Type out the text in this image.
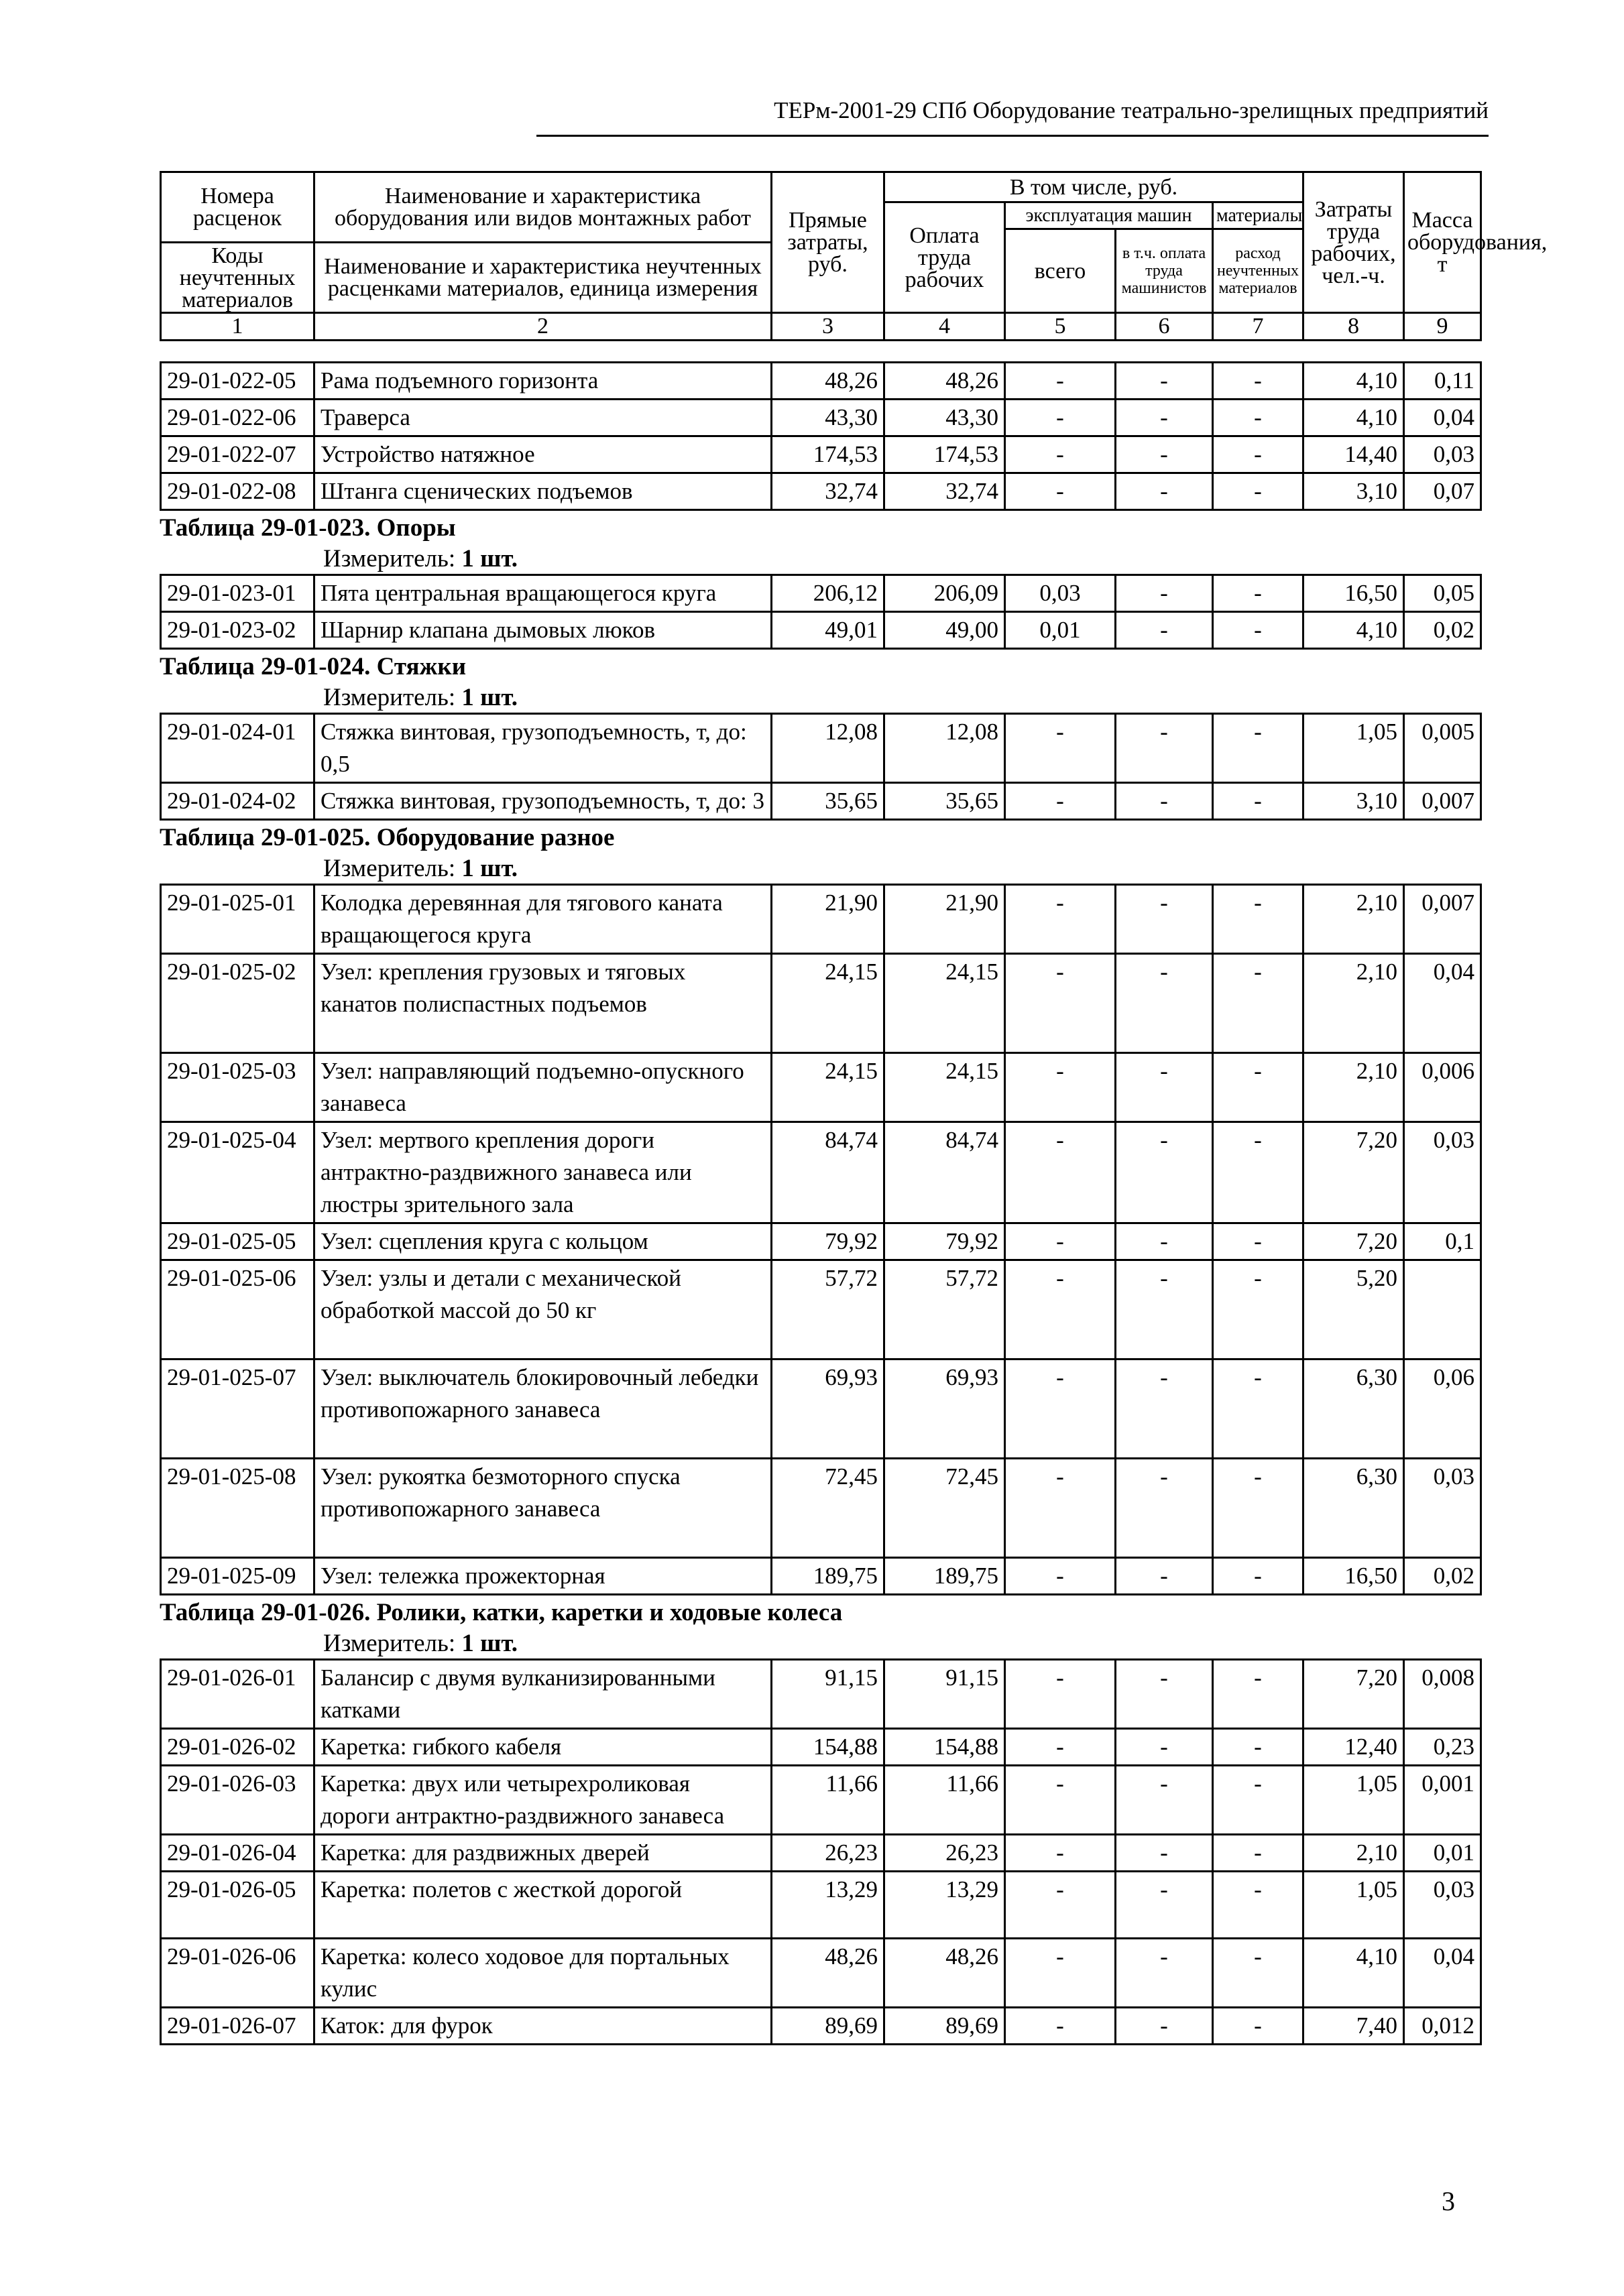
ТЕРм-2001-29 СПб Оборудование театрально-зрелищных предприятий
Номера расценок	Наименование и характеристика оборудования или видов монтажных работ	Прямые затраты, руб.	В том числе, руб.				Затраты труда рабочих, чел.-ч.	Масса оборудования, т
			Оплата труда рабочих	эксплуатация машин		материалы		
				всего	в т.ч. оплата труда машинистов	расход неучтенных материалов		
Коды неучтенных материалов	Наименование и характеристика неучтенных расценками материалов, единица измерения							

1	2	3	4	5	6	7	8	9
29-01-022-05	Рама подъемного горизонта	48,26	48,26	-	-	-	4,10	0,11
29-01-022-06	Траверса	43,30	43,30	-	-	-	4,10	0,04
29-01-022-07	Устройство натяжное	174,53	174,53	-	-	-	14,40	0,03
29-01-022-08	Штанга сценических подъемов	32,74	32,74	-	-	-	3,10	0,07
Таблица 29-01-023. Опоры
Измеритель: 1 шт.
29-01-023-01	Пята центральная вращающегося круга	206,12	206,09	0,03	-	-	16,50	0,05
29-01-023-02	Шарнир клапана дымовых люков	49,01	49,00	0,01	-	-	4,10	0,02
Таблица 29-01-024. Стяжки
Измеритель: 1 шт.
29-01-024-01	Стяжка винтовая, грузоподъемность, т, до: 0,5	12,08	12,08	-	-	-	1,05	0,005
29-01-024-02	Стяжка винтовая, грузоподъемность, т, до: 3	35,65	35,65	-	-	-	3,10	0,007
Таблица 29-01-025. Оборудование разное
Измеритель: 1 шт.
29-01-025-01	Колодка деревянная для тягового каната вращающегося круга	21,90	21,90	-	-	-	2,10	0,007
29-01-025-02	Узел: крепления грузовых и тяговых канатов полиспастных подъемов	24,15	24,15	-	-	-	2,10	0,04
29-01-025-03	Узел: направляющий подъемно-опускного занавеса	24,15	24,15	-	-	-	2,10	0,006
29-01-025-04	Узел: мертвого крепления дороги антрактно-раздвижного занавеса или люстры зрительного зала	84,74	84,74	-	-	-	7,20	0,03
29-01-025-05	Узел: сцепления круга с кольцом	79,92	79,92	-	-	-	7,20	0,1
29-01-025-06	Узел: узлы и детали с механической обработкой массой до 50 кг	57,72	57,72	-	-	-	5,20	
29-01-025-07	Узел: выключатель блокировочный лебедки противопожарного занавеса	69,93	69,93	-	-	-	6,30	0,06
29-01-025-08	Узел: рукоятка безмоторного спуска противопожарного занавеса	72,45	72,45	-	-	-	6,30	0,03
29-01-025-09	Узел: тележка прожекторная	189,75	189,75	-	-	-	16,50	0,02
Таблица 29-01-026. Ролики, катки, каретки и ходовые колеса
Измеритель: 1 шт.
29-01-026-01	Балансир с двумя вулканизированными катками	91,15	91,15	-	-	-	7,20	0,008
29-01-026-02	Каретка: гибкого кабеля	154,88	154,88	-	-	-	12,40	0,23
29-01-026-03	Каретка: двух или четырехроликовая дороги антрактно-раздвижного занавеса	11,66	11,66	-	-	-	1,05	0,001
29-01-026-04	Каретка: для раздвижных дверей	26,23	26,23	-	-	-	2,10	0,01
29-01-026-05	Каретка: полетов с жесткой дорогой	13,29	13,29	-	-	-	1,05	0,03
29-01-026-06	Каретка: колесо ходовое для портальных кулис	48,26	48,26	-	-	-	4,10	0,04
29-01-026-07	Каток: для фурок	89,69	89,69	-	-	-	7,40	0,012
3
